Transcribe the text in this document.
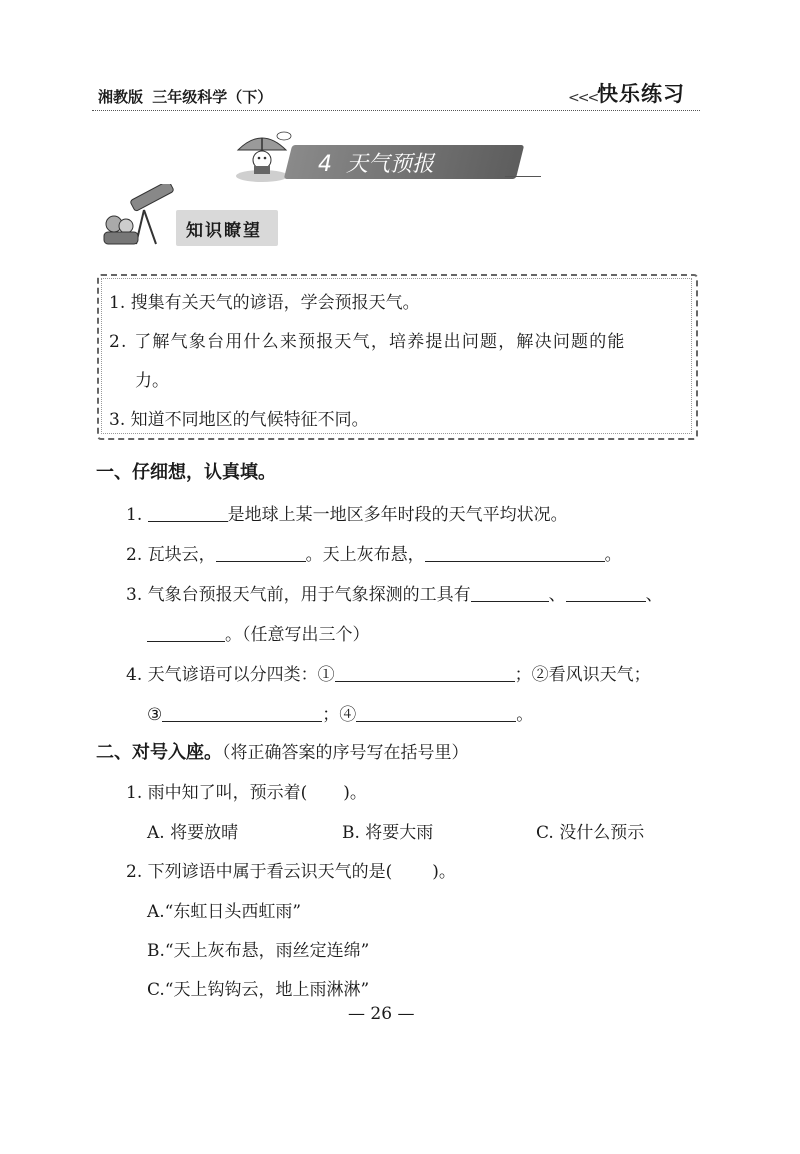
湘教版 三年级科学（下）	<<< 快乐练习
4 天气预报
知识瞭望
1. 搜集有关天气的谚语，学会预报天气。
2. 了解气象台用什么来预报天气，培养提出问题，解决问题的能
力。
3. 知道不同地区的气候特征不同。
一、仔细想，认真填。
1.	是地球上某一地区多年时段的天气平均状况。
2. 瓦块云，	。天上灰布悬，	。
3. 气象台预报天气前，用于气象探测的工具有	、	、
。（任意写出三个）
4. 天气谚语可以分四类：①	；②看风识天气；
③	；④	。
二、对号入座。（将正确答案的序号写在括号里）
1. 雨中知了叫，预示着( )。
A. 将要放晴	B. 将要大雨	C. 没什么预示
2. 下列谚语中属于看云识天气的是( )。
A.“东虹日头西虹雨”
B.“天上灰布悬，雨丝定连绵”
C.“天上钩钩云，地上雨淋淋”
— 26 —
